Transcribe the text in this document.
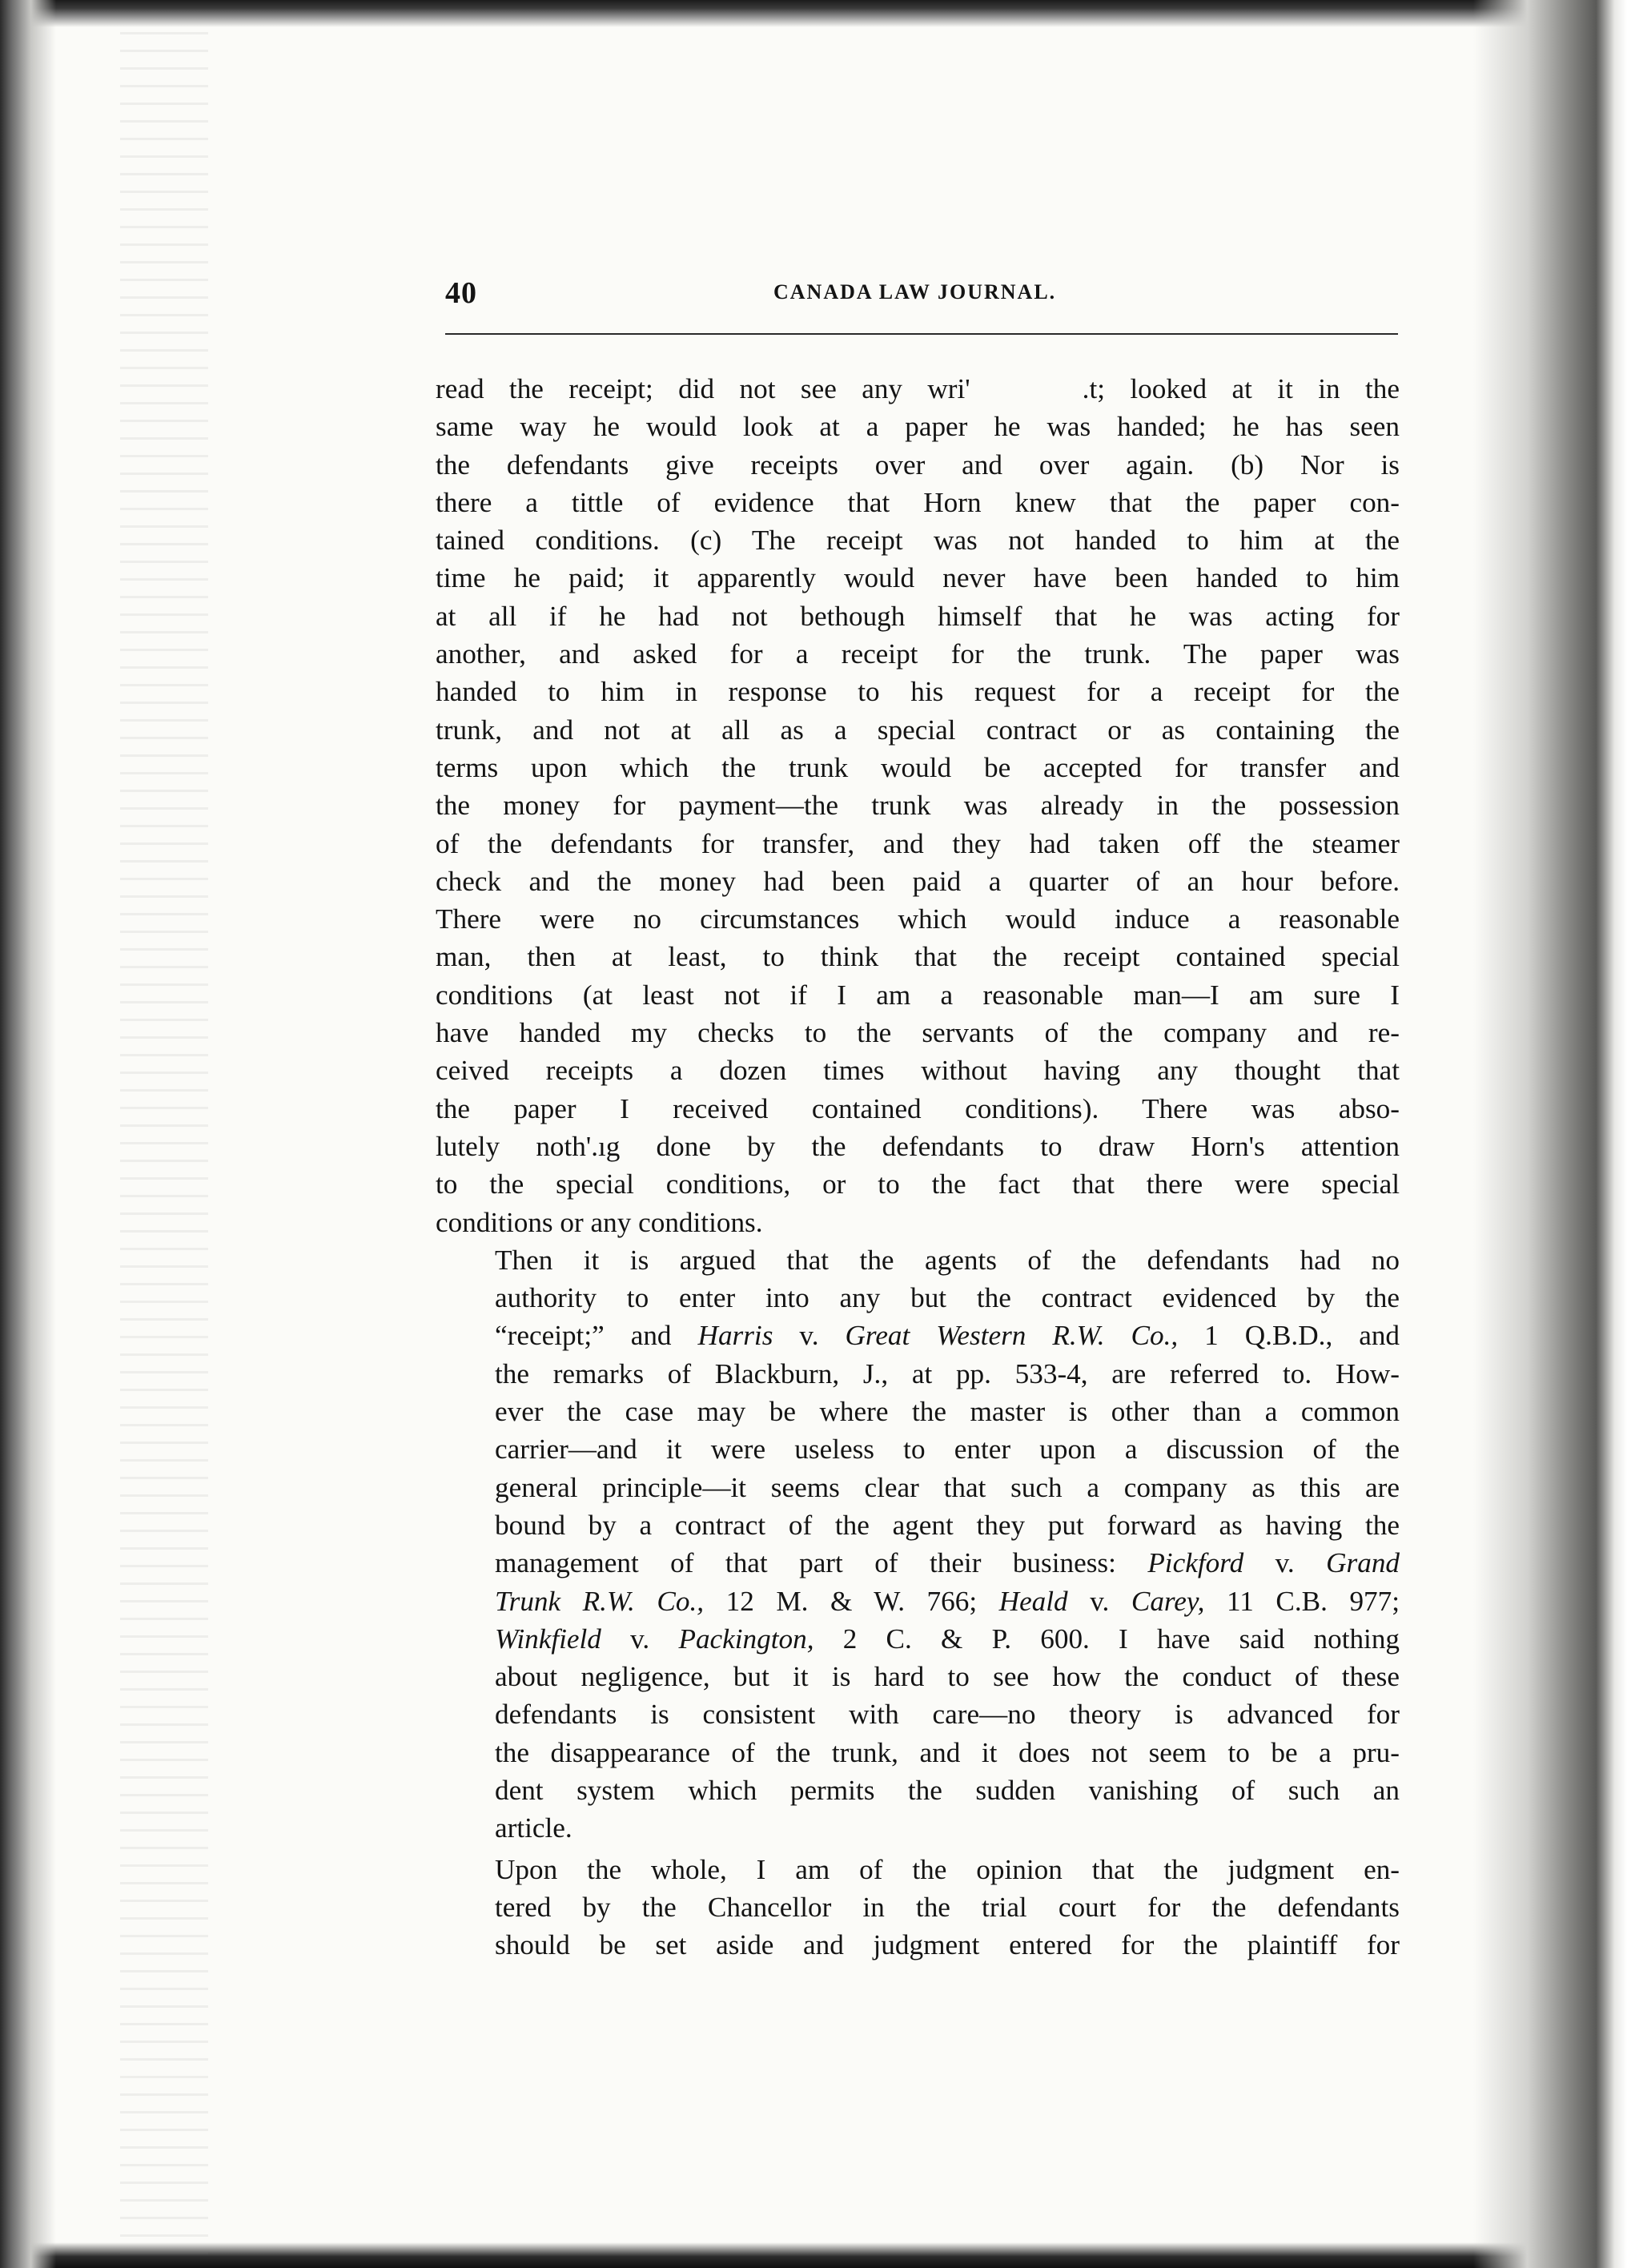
40	CANADA LAW JOURNAL.

read the receipt; did not see any wri'	.t; looked at it in the
same way he would look at a paper he was handed; he has seen
the defendants give receipts over and over again. (b) Nor is
there a tittle of evidence that Horn knew that the paper con-
tained conditions. (c) The receipt was not handed to him at the
time he paid; it apparently would never have been handed to him
at all if he had not bethough himself that he was acting for
another, and asked for a receipt for the trunk. The paper was
handed to him in response to his request for a receipt for the
trunk, and not at all as a special contract or as containing the
terms upon which the trunk would be accepted for transfer and
the money for payment—the trunk was already in the possession
of the defendants for transfer, and they had taken off the steamer
check and the money had been paid a quarter of an hour before.
There were no circumstances which would induce a reasonable
man, then at least, to think that the receipt contained special
conditions (at least not if I am a reasonable man—I am sure I
have handed my checks to the servants of the company and re-
ceived receipts a dozen times without having any thought that
the paper I received contained conditions). There was abso-
lutely noth'.ıg done by the defendants to draw Horn's attention
to the special conditions, or to the fact that there were special
conditions or any conditions.

Then it is argued that the agents of the defendants had no
authority to enter into any but the contract evidenced by the
“receipt;” and Harris v. Great Western R.W. Co., 1 Q.B.D., and
the remarks of Blackburn, J., at pp. 533-4, are referred to. How-
ever the case may be where the master is other than a common
carrier—and it were useless to enter upon a discussion of the
general principle—it seems clear that such a company as this are
bound by a contract of the agent they put forward as having the
management of that part of their business: Pickford v. Grand
Trunk R.W. Co., 12 M. & W. 766; Heald v. Carey, 11 C.B. 977;
Winkfield v. Packington, 2 C. & P. 600. I have said nothing
about negligence, but it is hard to see how the conduct of these
defendants is consistent with care—no theory is advanced for
the disappearance of the trunk, and it does not seem to be a pru-
dent system which permits the sudden vanishing of such an
article.

Upon the whole, I am of the opinion that the judgment en-
tered by the Chancellor in the trial court for the defendants
should be set aside and judgment entered for the plaintiff for
